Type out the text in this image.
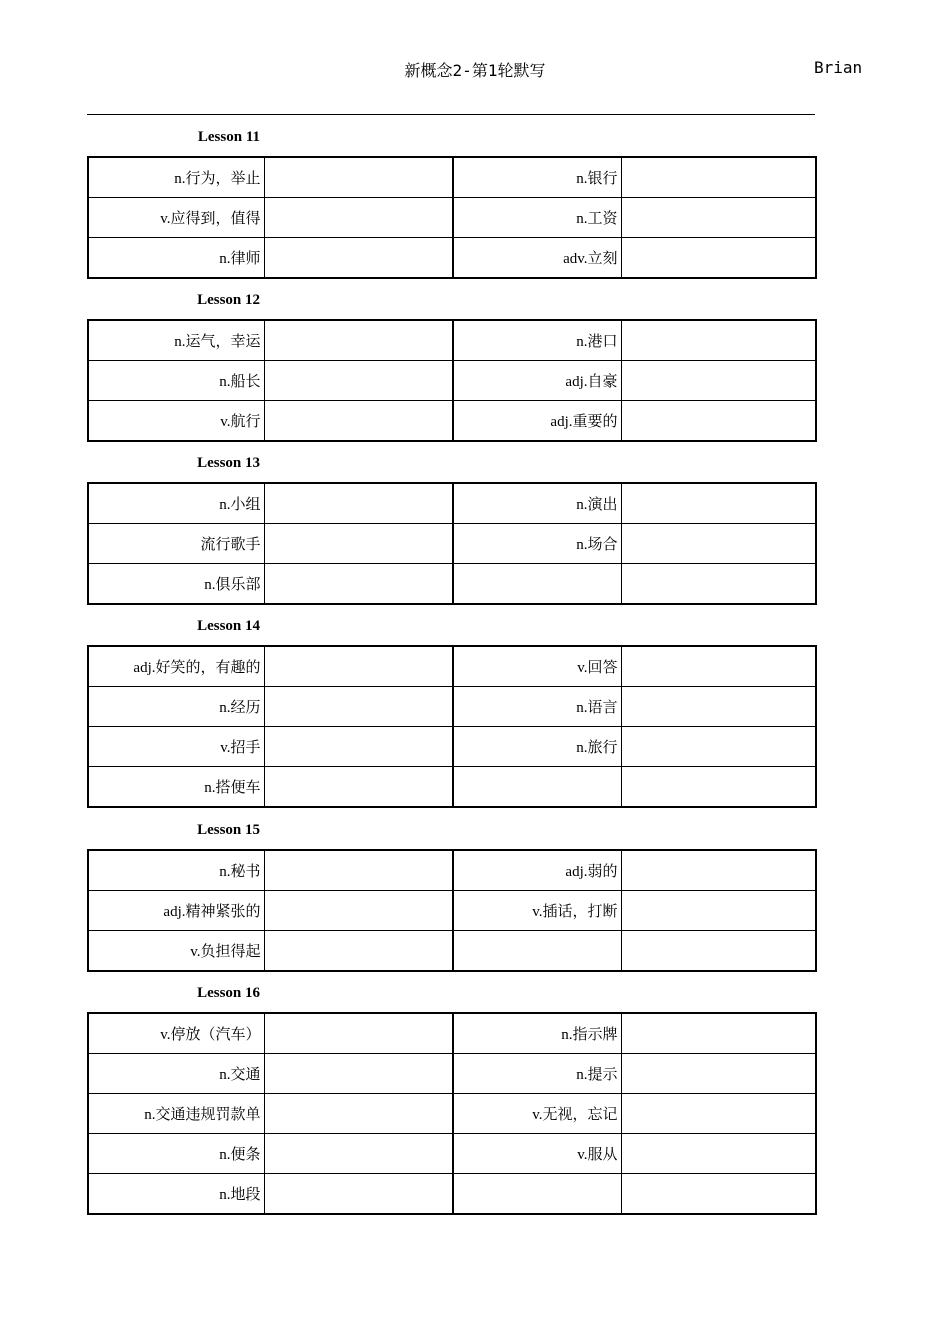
新概念2-第1轮默写	Brian
Lesson 11
n.行为，举止		n.银行	
v.应得到，值得		n.工资	
n.律师		adv.立刻	
Lesson 12
n.运气，幸运		n.港口	
n.船长		adj.自豪	
v.航行		adj.重要的	
Lesson 13
n.小组		n.演出	
流行歌手		n.场合	
n.俱乐部			
Lesson 14
adj.好笑的，有趣的		v.回答	
n.经历		n.语言	
v.招手		n.旅行	
n.搭便车			
Lesson 15
n.秘书		adj.弱的	
adj.精神紧张的		v.插话，打断	
v.负担得起			
Lesson 16
v.停放（汽车）		n.指示牌	
n.交通		n.提示	
n.交通违规罚款单		v.无视，忘记	
n.便条		v.服从	
n.地段			
